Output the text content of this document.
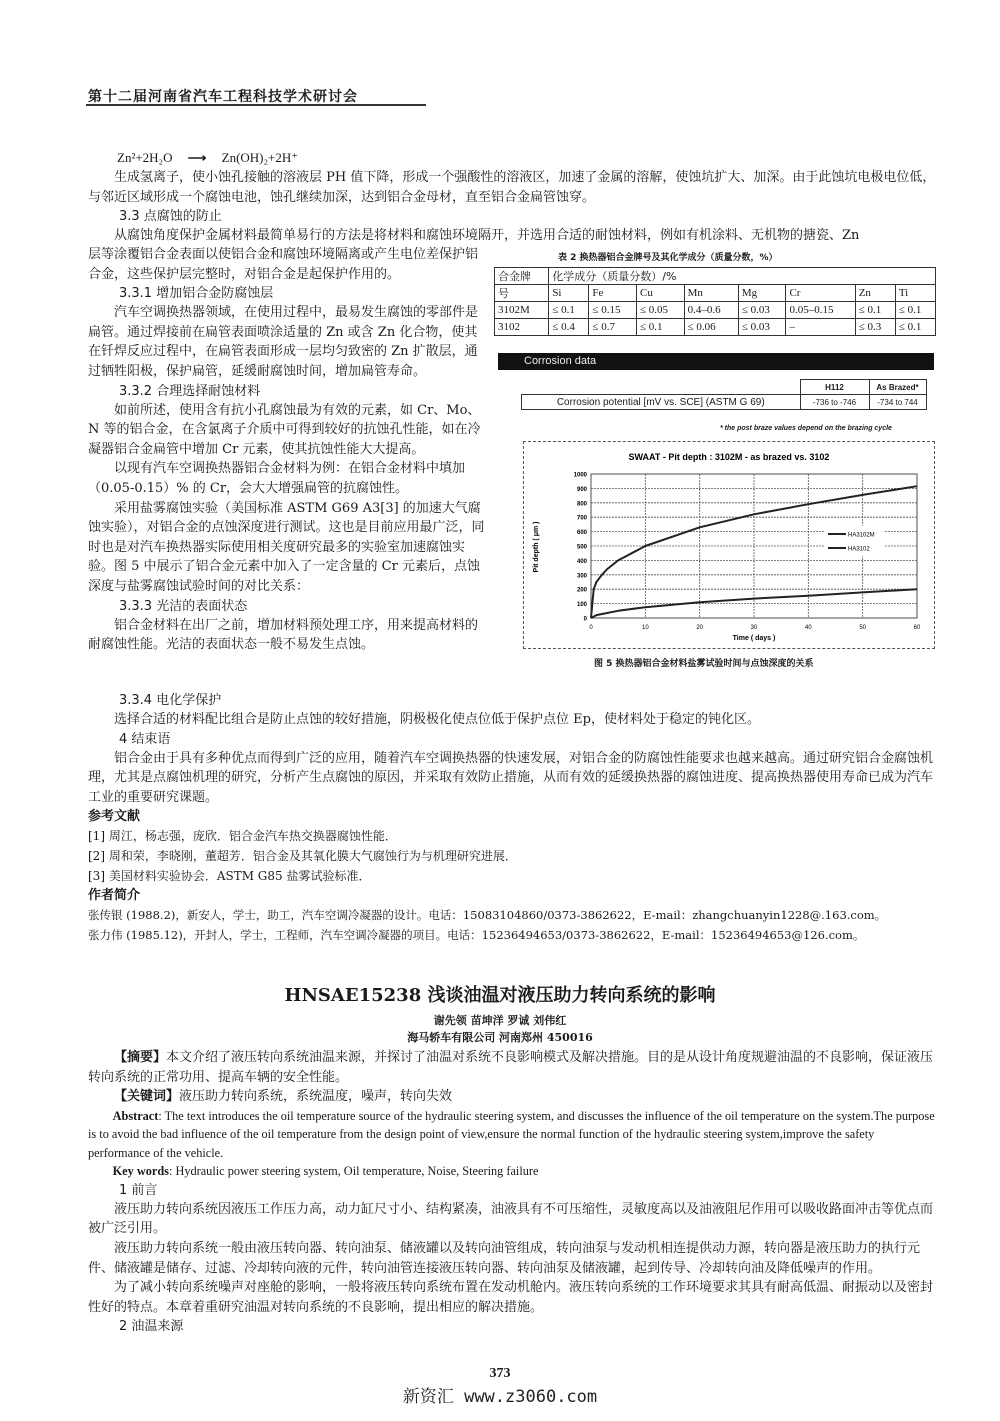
第十二届河南省汽车工程科技学术研讨会
Zn²+2H₂O ⟶ Zn(OH)₂+2H⁺
生成氢离子，使小蚀孔接触的溶液层 PH 值下降，形成一个强酸性的溶液区，加速了金属的溶解，使蚀坑扩大、加深。由于此蚀坑电极电位低，与邻近区域形成一个腐蚀电池，蚀孔继续加深，达到铝合金母材，直至铝合金扁管蚀穿。
3.3 点腐蚀的防止
从腐蚀角度保护金属材料最简单易行的方法是将材料和腐蚀环境隔开，并选用合适的耐蚀材料，例如有机涂料、无机物的搪瓷、Zn
层等涂覆铝合金表面以使铝合金和腐蚀环境隔离或产生电位差保护铝合金，这些保护层完整时，对铝合金是起保护作用的。
3.3.1 增加铝合金防腐蚀层
汽车空调换热器领域，在使用过程中，最易发生腐蚀的零部件是扁管。通过焊接前在扁管表面喷涂适量的 Zn 或含 Zn 化合物，使其在钎焊反应过程中，在扁管表面形成一层均匀致密的 Zn 扩散层，通过牺牲阳极，保护扁管，延缓耐腐蚀时间，增加扁管寿命。
3.3.2 合理选择耐蚀材料
如前所述，使用含有抗小孔腐蚀最为有效的元素，如 Cr、Mo、N 等的铝合金，在含氯离子介质中可得到较好的抗蚀孔性能，如在冷凝器铝合金扁管中增加 Cr 元素，使其抗蚀性能大大提高。
以现有汽车空调换热器铝合金材料为例：在铝合金材料中填加（0.05-0.15）% 的 Cr，会大大增强扁管的抗腐蚀性。
采用盐雾腐蚀实验（美国标准 ASTM G69 A3[3] 的加速大气腐蚀实验），对铝合金的点蚀深度进行测试。这也是目前应用最广泛，同时也是对汽车换热器实际使用相关度研究最多的实验室加速腐蚀实验。图 5 中展示了铝合金元素中加入了一定含量的 Cr 元素后，点蚀深度与盐雾腐蚀试验时间的对比关系：
3.3.3 光洁的表面状态
铝合金材料在出厂之前，增加材料预处理工序，用来提高材料的耐腐蚀性能。光洁的表面状态一般不易发生点蚀。
表 2 换热器铝合金牌号及其化学成分（质量分数，%）
合金牌	化学成分（质量分数）/%							
号	Si	Fe	Cu	Mn	Mg	Cr	Zn	Ti
3102M	≤ 0.1	≤ 0.15	≤ 0.05	0.4–0.6	≤ 0.03	0.05–0.15	≤ 0.1	≤ 0.1
3102	≤ 0.4	≤ 0.7	≤ 0.1	≤ 0.06	≤ 0.03	–	≤ 0.3	≤ 0.1
Corrosion data
	H112	As Brazed*
Corrosion potential [mV vs. SCE] (ASTM G 69)	-736 to -746	-734 to 744
* the post braze values depend on the brazing cycle
SWAAT - Pit depth : 3102M - as brazed vs. 3102
0
100
200
300
400
500
600
700
800
900
1000
0	10	20	30	40	50	60
HA3102M
HA3102
Time ( days )
Pit depth ( μm )
图 5 换热器铝合金材料盐雾试验时间与点蚀深度的关系
3.3.4 电化学保护
选择合适的材料配比组合是防止点蚀的较好措施，阴极极化使点位低于保护点位 Ep，使材料处于稳定的钝化区。
4 结束语
铝合金由于具有多种优点而得到广泛的应用，随着汽车空调换热器的快速发展，对铝合金的防腐蚀性能要求也越来越高。通过研究铝合金腐蚀机理，尤其是点腐蚀机理的研究，分析产生点腐蚀的原因，并采取有效防止措施，从而有效的延缓换热器的腐蚀进度、提高换热器使用寿命已成为汽车工业的重要研究课题。
参考文献
[1] 周江，杨志强，庞欣．铝合金汽车热交换器腐蚀性能．
[2] 周和荣，李晓刚，董超芳．铝合金及其氧化膜大气腐蚀行为与机理研究进展．
[3] 美国材料实验协会．ASTM G85 盐雾试验标准．
作者简介
张传银 (1988.2)，新安人，学士，助工，汽车空调冷凝器的设计。电话：15083104860/0373-3862622，E-mail：zhangchuanyin1228@.163.com。
张力伟 (1985.12)，开封人，学士，工程师，汽车空调冷凝器的项目。电话：15236494653/0373-3862622，E-mail：15236494653@126.com。
HNSAE15238 浅谈油温对液压助力转向系统的影响
谢先领 苗坤洋 罗诚 刘伟红
海马轿车有限公司 河南郑州 450016
【摘要】本文介绍了液压转向系统油温来源，并探讨了油温对系统不良影响模式及解决措施。目的是从设计角度规避油温的不良影响，保证液压转向系统的正常功用、提高车辆的安全性能。
【关键词】液压助力转向系统，系统温度，噪声，转向失效
Abstract: The text introduces the oil temperature source of the hydraulic steering system, and discusses the influence of the oil temperature on the system.The purpose is to avoid the bad influence of the oil temperature from the design point of view,ensure the normal function of the hydraulic steering system,improve the safety performance of the vehicle.
Key words: Hydraulic power steering system, Oil temperature, Noise, Steering failure
1 前言
液压助力转向系统因液压工作压力高，动力缸尺寸小、结构紧凑，油液具有不可压缩性，灵敏度高以及油液阻尼作用可以吸收路面冲击等优点而被广泛引用。
液压助力转向系统一般由液压转向器、转向油泵、储液罐以及转向油管组成，转向油泵与发动机相连提供动力源，转向器是液压助力的执行元件、储液罐是储存、过滤、冷却转向液的元件，转向油管连接液压转向器、转向油泵及储液罐，起到传导、冷却转向油及降低噪声的作用。
为了减小转向系统噪声对座舱的影响，一般将液压转向系统布置在发动机舱内。液压转向系统的工作环境要求其具有耐高低温、耐振动以及密封性好的特点。本章着重研究油温对转向系统的不良影响，提出相应的解决措施。
2 油温来源
373
新资汇 www.z3060.com
